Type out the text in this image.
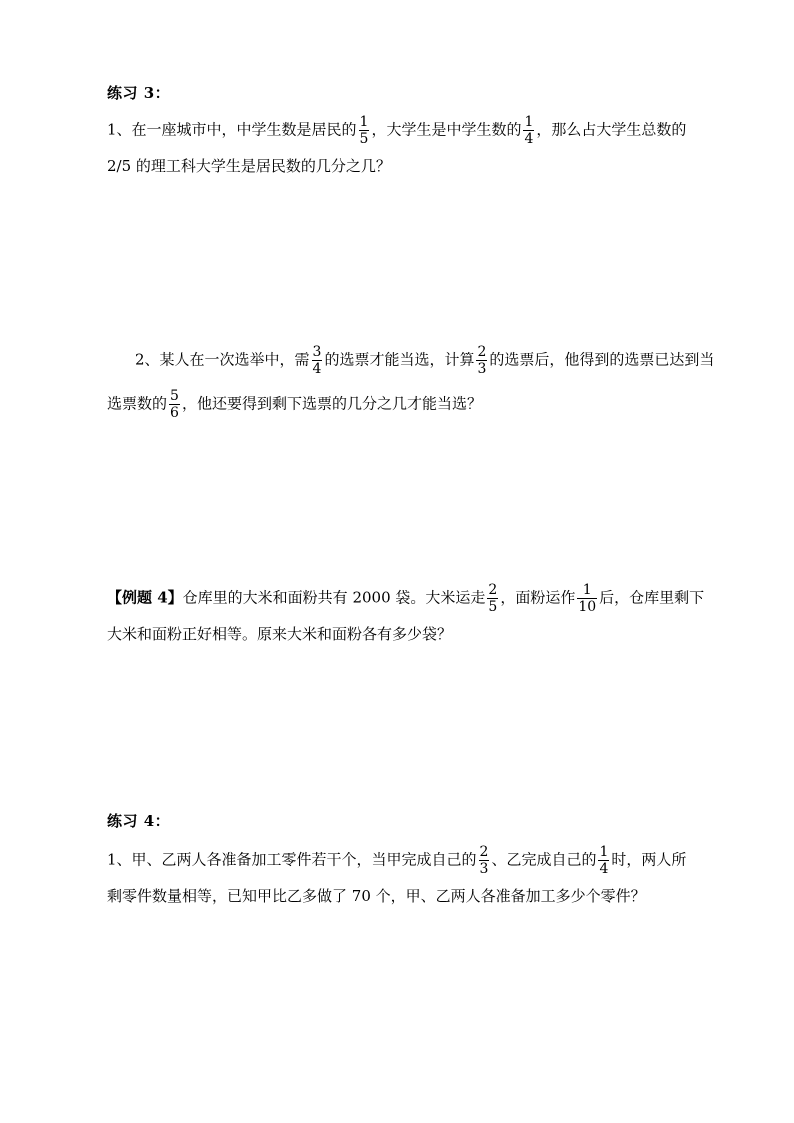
练习 3：
1、在一座城市中，中学生数是居民的 $\frac{1}{5}$ ，大学生是中学生数的 $\frac{1}{4}$ ，那么占大学生总数的
2/5 的理工科大学生是居民数的几分之几？
2、某人在一次选举中，需 $\frac{3}{4}$ 的选票才能当选，计算 $\frac{2}{3}$ 的选票后，他得到的选票已达到当
选票数的 $\frac{5}{6}$ ，他还要得到剩下选票的几分之几才能当选？
【例题 4】仓库里的大米和面粉共有 2000 袋。大米运走 $\frac{2}{5}$ ，面粉运作 $\frac{1}{10}$ 后，仓库里剩下
大米和面粉正好相等。原来大米和面粉各有多少袋？
练习 4：
1、甲、乙两人各准备加工零件若干个，当甲完成自己的 $\frac{2}{3}$ 、乙完成自己的 $\frac{1}{4}$ 时，两人所
剩零件数量相等，已知甲比乙多做了 70 个，甲、乙两人各准备加工多少个零件？
